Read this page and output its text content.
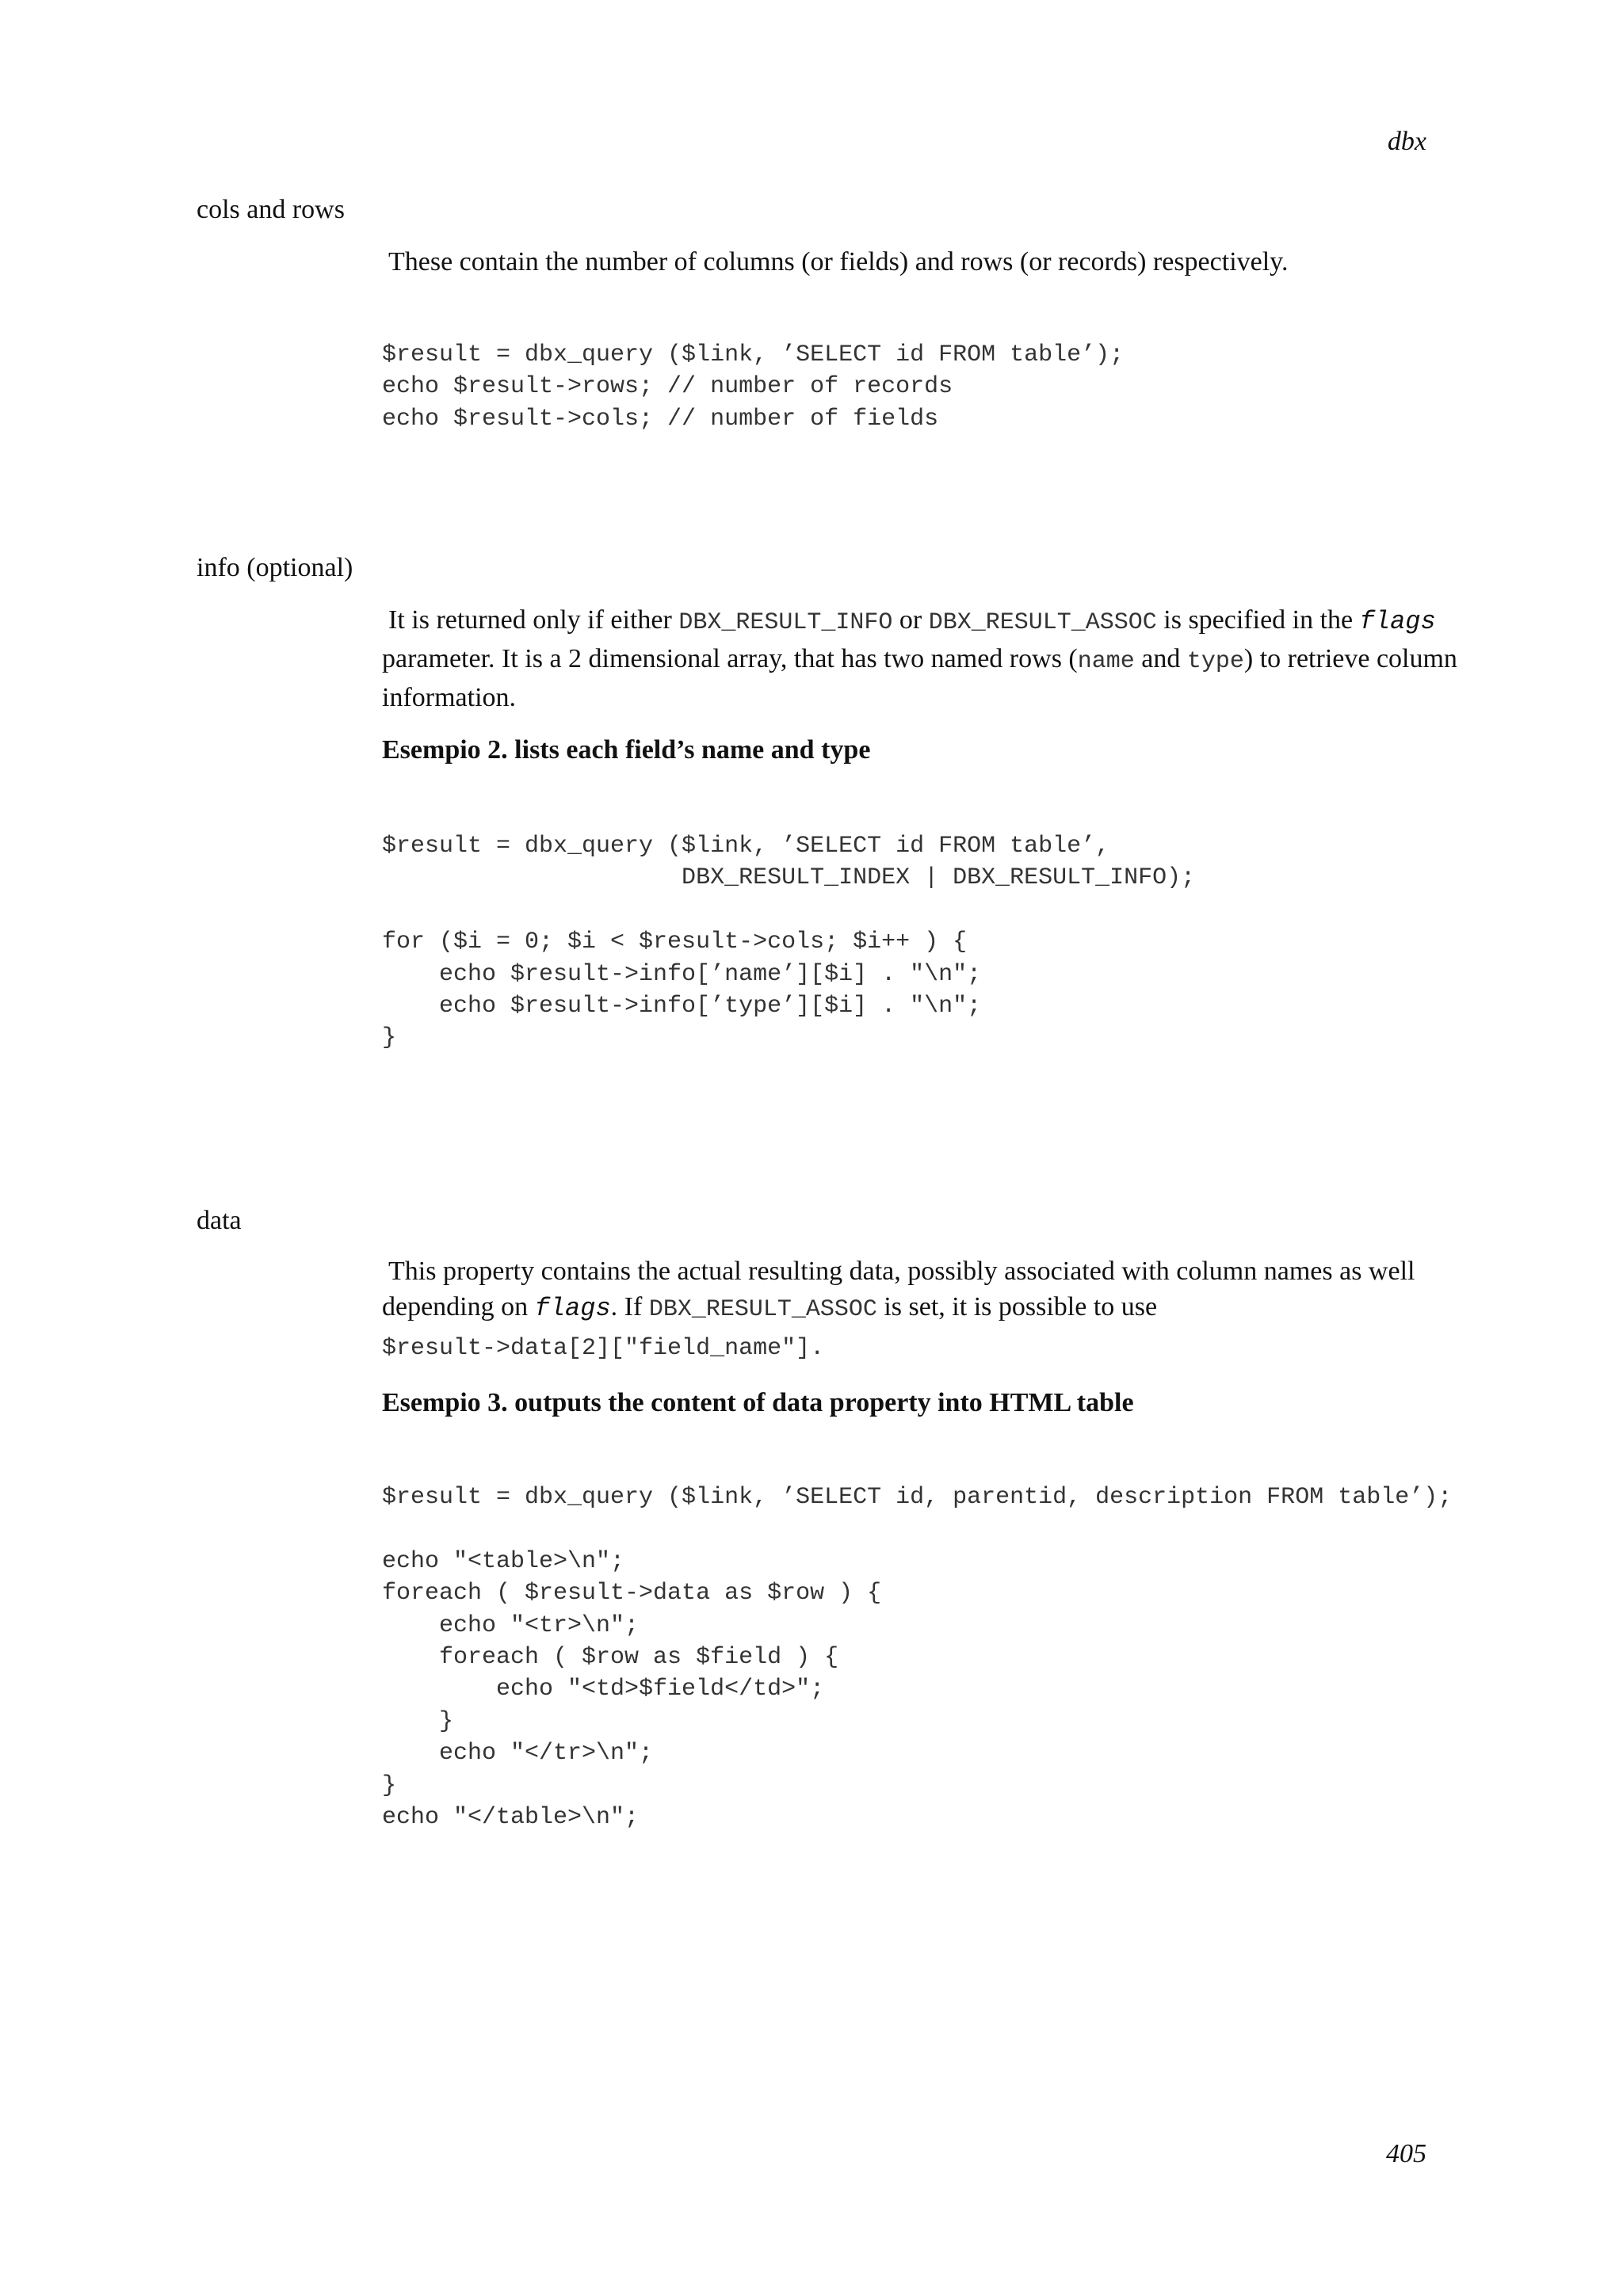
dbx
cols and rows
These contain the number of columns (or fields) and rows (or records) respectively.
$result = dbx_query ($link, ’SELECT id FROM table’);
echo $result->rows; // number of records
echo $result->cols; // number of fields
info (optional)
It is returned only if either DBX_RESULT_INFO or DBX_RESULT_ASSOC is specified in the flags parameter. It is a 2 dimensional array, that has two named rows (name and type) to retrieve column information.
Esempio 2. lists each field’s name and type
$result = dbx_query ($link, ’SELECT id FROM table’,
DBX_RESULT_INDEX | DBX_RESULT_INFO);

for ($i = 0; $i < $result->cols; $i++ ) {
echo $result->info[’name’][$i] . "\n";
echo $result->info[’type’][$i] . "\n";
}
data
This property contains the actual resulting data, possibly associated with column names as well depending on flags. If DBX_RESULT_ASSOC is set, it is possible to use
$result->data[2]["field_name"].
Esempio 3. outputs the content of data property into HTML table
$result = dbx_query ($link, ’SELECT id, parentid, description FROM table’);

echo "<table>\n";
foreach ( $result->data as $row ) {
echo "<tr>\n";
foreach ( $row as $field ) {
echo "<td>$field</td>";
}
echo "</tr>\n";
}
echo "</table>\n";
405
